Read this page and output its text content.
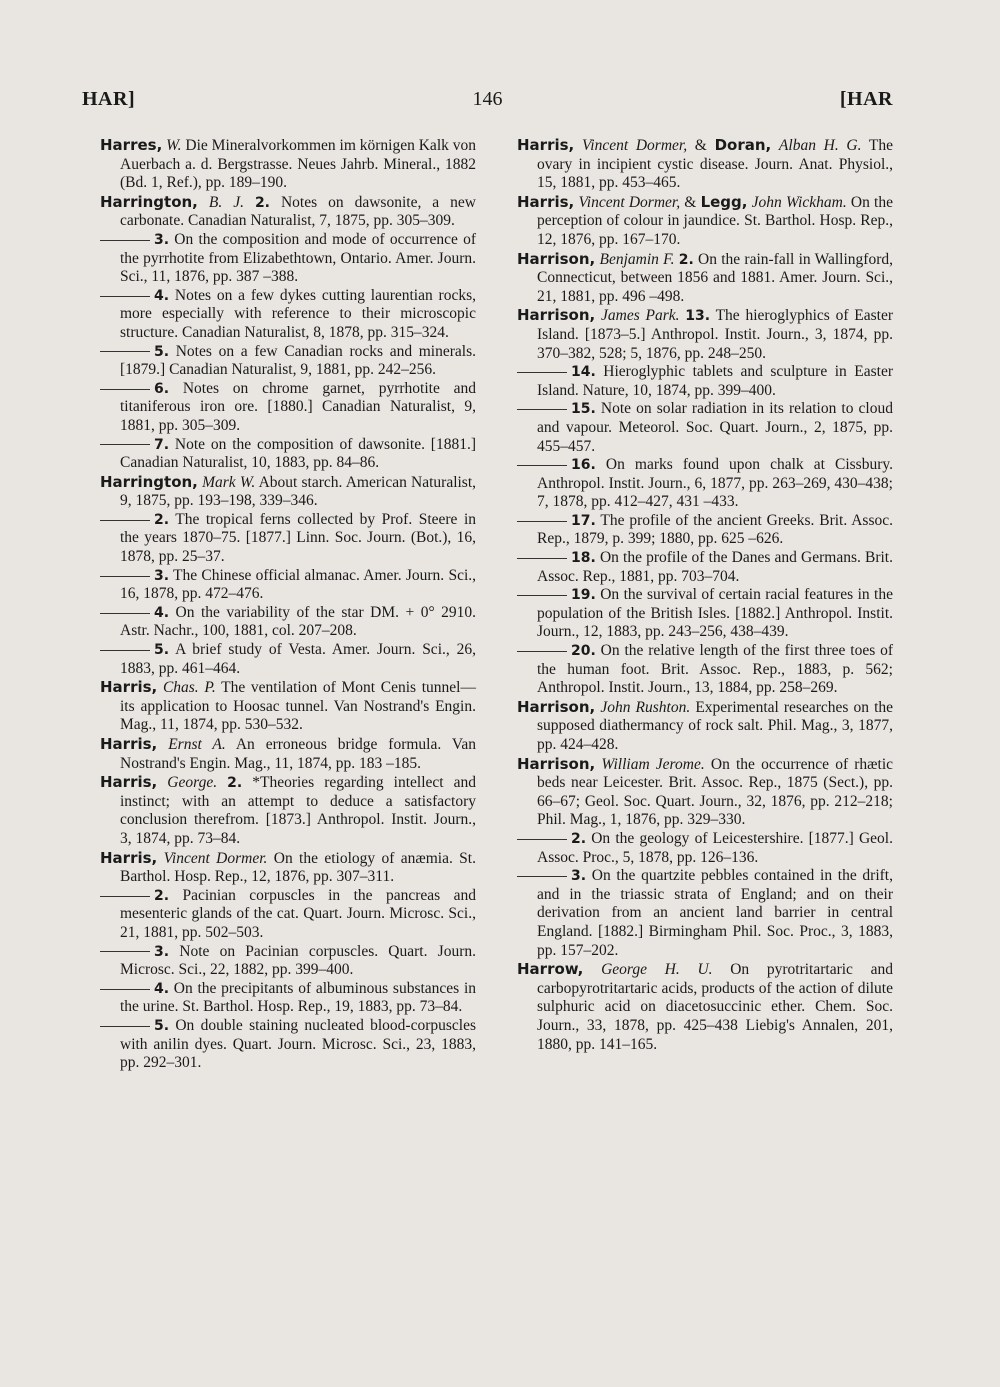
HAR]	146	[HAR

Harres, W. Die Mineralvorkommen im körnigen Kalk von Auerbach a. d. Bergstrasse. Neues Jahrb. Mineral., 1882 (Bd. 1, Ref.), pp. 189–190.

Harrington, B. J. 2. Notes on dawsonite, a new carbonate. Canadian Naturalist, 7, 1875, pp. 305–309.

3. On the composition and mode of occurrence of the pyrrhotite from Elizabethtown, Ontario. Amer. Journ. Sci., 11, 1876, pp. 387 –388.

4. Notes on a few dykes cutting laurentian rocks, more especially with reference to their microscopic structure. Canadian Naturalist, 8, 1878, pp. 315–324.

5. Notes on a few Canadian rocks and minerals. [1879.] Canadian Naturalist, 9, 1881, pp. 242–256.

6. Notes on chrome garnet, pyrrhotite and titaniferous iron ore. [1880.] Canadian Naturalist, 9, 1881, pp. 305–309.

7. Note on the composition of dawsonite. [1881.] Canadian Naturalist, 10, 1883, pp. 84–86.

Harrington, Mark W. About starch. American Naturalist, 9, 1875, pp. 193–198, 339–346.

2. The tropical ferns collected by Prof. Steere in the years 1870–75. [1877.] Linn. Soc. Journ. (Bot.), 16, 1878, pp. 25–37.

3. The Chinese official almanac. Amer. Journ. Sci., 16, 1878, pp. 472–476.

4. On the variability of the star DM. + 0° 2910. Astr. Nachr., 100, 1881, col. 207–208.

5. A brief study of Vesta. Amer. Journ. Sci., 26, 1883, pp. 461–464.

Harris, Chas. P. The ventilation of Mont Cenis tunnel—its application to Hoosac tunnel. Van Nostrand's Engin. Mag., 11, 1874, pp. 530–532.

Harris, Ernst A. An erroneous bridge formula. Van Nostrand's Engin. Mag., 11, 1874, pp. 183 –185.

Harris, George. 2. *Theories regarding intellect and instinct; with an attempt to deduce a satisfactory conclusion therefrom. [1873.] Anthropol. Instit. Journ., 3, 1874, pp. 73–84.

Harris, Vincent Dormer. On the etiology of anæmia. St. Barthol. Hosp. Rep., 12, 1876, pp. 307–311.

2. Pacinian corpuscles in the pancreas and mesenteric glands of the cat. Quart. Journ. Microsc. Sci., 21, 1881, pp. 502–503.

3. Note on Pacinian corpuscles. Quart. Journ. Microsc. Sci., 22, 1882, pp. 399–400.

4. On the precipitants of albuminous substances in the urine. St. Barthol. Hosp. Rep., 19, 1883, pp. 73–84.

5. On double staining nucleated blood-corpuscles with anilin dyes. Quart. Journ. Microsc. Sci., 23, 1883, pp. 292–301.

Harris, Vincent Dormer, & Doran, Alban H. G. The ovary in incipient cystic disease. Journ. Anat. Physiol., 15, 1881, pp. 453–465.

Harris, Vincent Dormer, & Legg, John Wickham. On the perception of colour in jaundice. St. Barthol. Hosp. Rep., 12, 1876, pp. 167–170.

Harrison, Benjamin F. 2. On the rain-fall in Wallingford, Connecticut, between 1856 and 1881. Amer. Journ. Sci., 21, 1881, pp. 496 –498.

Harrison, James Park. 13. The hieroglyphics of Easter Island. [1873–5.] Anthropol. Instit. Journ., 3, 1874, pp. 370–382, 528; 5, 1876, pp. 248–250.

14. Hieroglyphic tablets and sculpture in Easter Island. Nature, 10, 1874, pp. 399–400.

15. Note on solar radiation in its relation to cloud and vapour. Meteorol. Soc. Quart. Journ., 2, 1875, pp. 455–457.

16. On marks found upon chalk at Cissbury. Anthropol. Instit. Journ., 6, 1877, pp. 263–269, 430–438; 7, 1878, pp. 412–427, 431 –433.

17. The profile of the ancient Greeks. Brit. Assoc. Rep., 1879, p. 399; 1880, pp. 625 –626.

18. On the profile of the Danes and Germans. Brit. Assoc. Rep., 1881, pp. 703–704.

19. On the survival of certain racial features in the population of the British Isles. [1882.] Anthropol. Instit. Journ., 12, 1883, pp. 243–256, 438–439.

20. On the relative length of the first three toes of the human foot. Brit. Assoc. Rep., 1883, p. 562; Anthropol. Instit. Journ., 13, 1884, pp. 258–269.

Harrison, John Rushton. Experimental researches on the supposed diathermancy of rock salt. Phil. Mag., 3, 1877, pp. 424–428.

Harrison, William Jerome. On the occurrence of rhætic beds near Leicester. Brit. Assoc. Rep., 1875 (Sect.), pp. 66–67; Geol. Soc. Quart. Journ., 32, 1876, pp. 212–218; Phil. Mag., 1, 1876, pp. 329–330.

2. On the geology of Leicestershire. [1877.] Geol. Assoc. Proc., 5, 1878, pp. 126–136.

3. On the quartzite pebbles contained in the drift, and in the triassic strata of England; and on their derivation from an ancient land barrier in central England. [1882.] Birmingham Phil. Soc. Proc., 3, 1883, pp. 157–202.

Harrow, George H. U. On pyrotritartaric and carbopyrotritartaric acids, products of the action of dilute sulphuric acid on diacetosuccinic ether. Chem. Soc. Journ., 33, 1878, pp. 425–438 Liebig's Annalen, 201, 1880, pp. 141–165.
